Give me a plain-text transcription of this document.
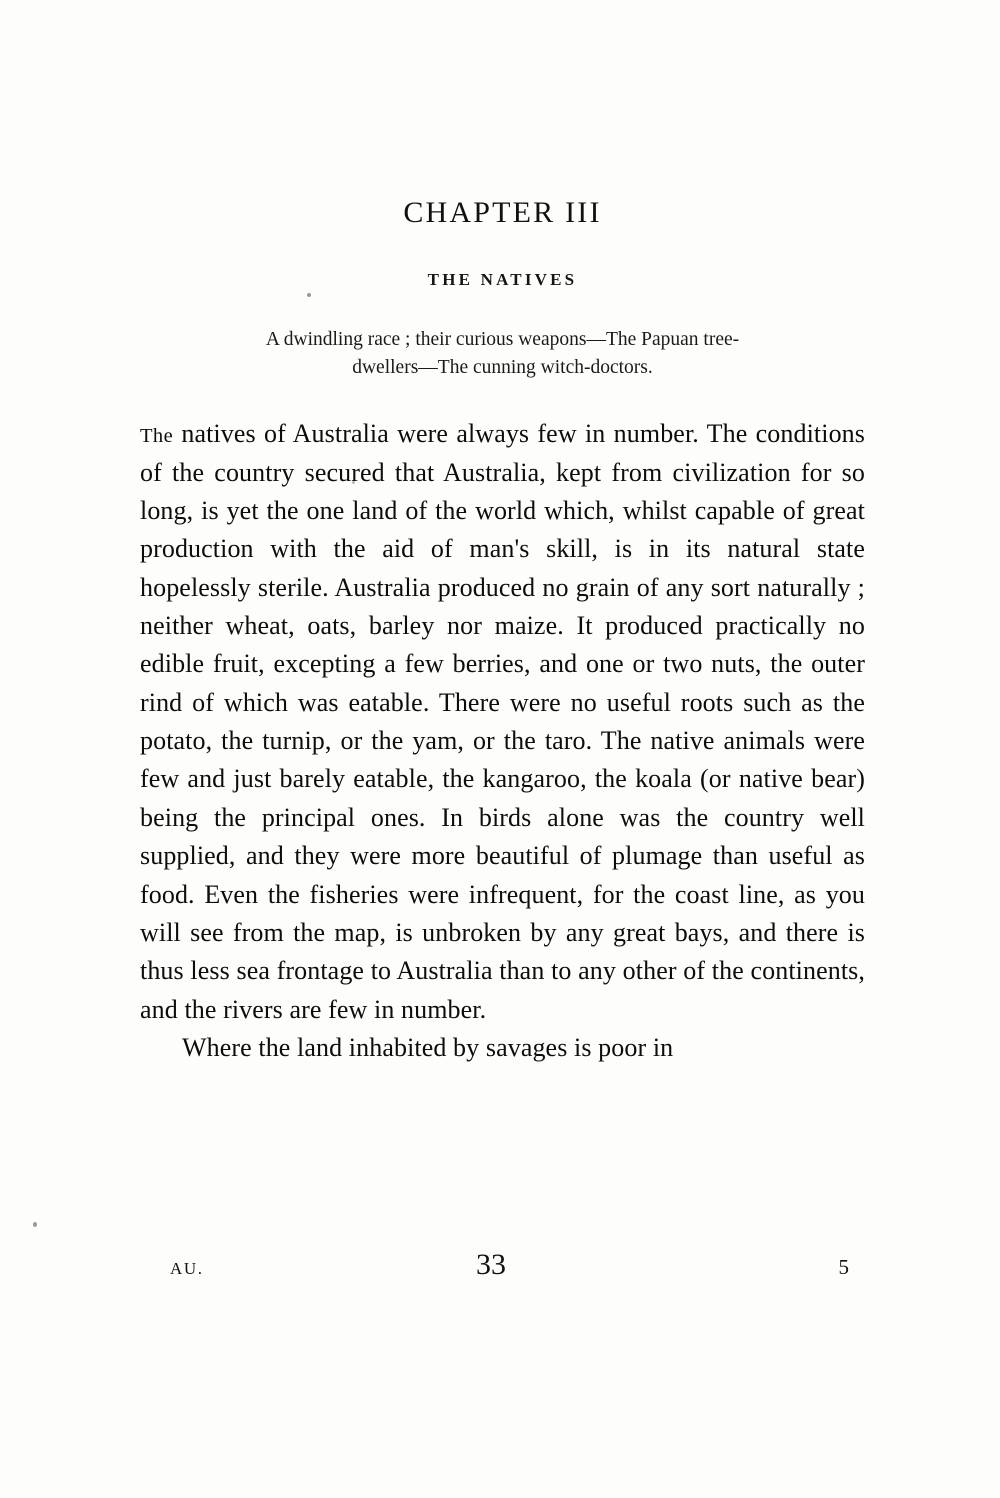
CHAPTER III
THE NATIVES
A dwindling race ; their curious weapons—The Papuan tree-
dwellers—The cunning witch-doctors.

The natives of Australia were always few in number. The conditions of the country secured that Australia, kept from civilization for so long, is yet the one land of the world which, whilst capable of great production with the aid of man's skill, is in its natural state hopelessly sterile. Australia produced no grain of any sort naturally ; neither wheat, oats, barley nor maize. It produced practically no edible fruit, excepting a few berries, and one or two nuts, the outer rind of which was eatable. There were no useful roots such as the potato, the turnip, or the yam, or the taro. The native animals were few and just barely eatable, the kangaroo, the koala (or native bear) being the principal ones. In birds alone was the country well supplied, and they were more beautiful of plumage than useful as food. Even the fisheries were infrequent, for the coast line, as you will see from the map, is unbroken by any great bays, and there is thus less sea frontage to Australia than to any other of the continents, and the rivers are few in number.

Where the land inhabited by savages is poor in

AU.	33	5
